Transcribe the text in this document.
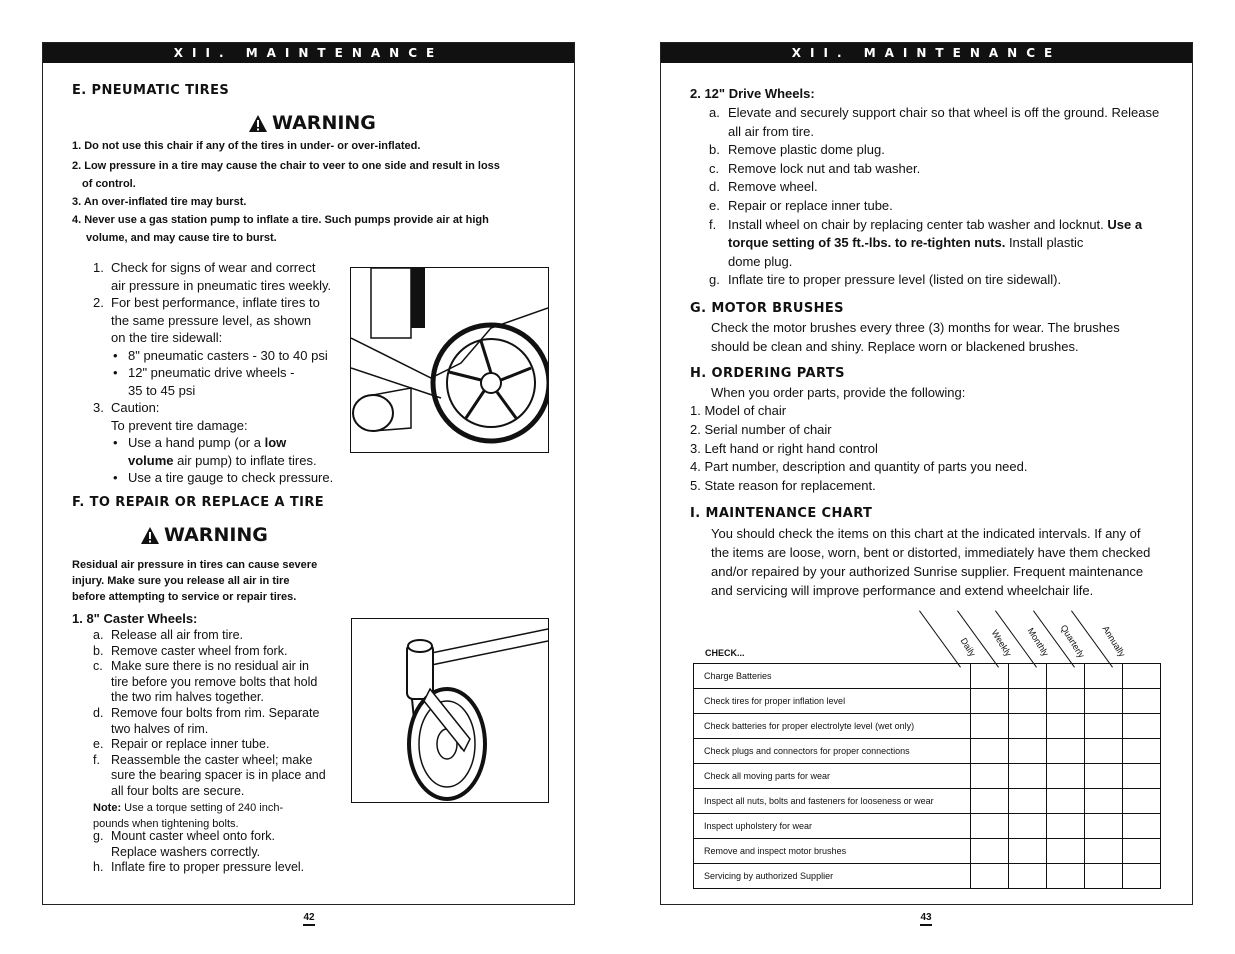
XII. MAINTENANCE
E. PNEUMATIC TIRES
WARNING
1. Do not use this chair if any of the tires in under- or over-inflated.
2. Low pressure in a tire may cause the chair to veer to one side and result in loss
of control.
3. An over-inflated tire may burst.
4. Never use a gas station pump to inflate a tire. Such pumps provide air at high
volume, and may cause tire to burst.
1. Check for signs of wear and correct
air pressure in pneumatic tires weekly.
2. For best performance, inflate tires to
the same pressure level, as shown
on the tire sidewall:
• 8" pneumatic casters - 30 to 40 psi
• 12" pneumatic drive wheels -
35 to 45 psi
3. Caution:
To prevent tire damage:
• Use a hand pump (or a low
volume air pump) to inflate tires.
• Use a tire gauge to check pressure.
F. TO REPAIR OR REPLACE A TIRE
WARNING
Residual air pressure in tires can cause severe
injury. Make sure you release all air in tire
before attempting to service or repair tires.
1. 8" Caster Wheels:
a. Release all air from tire.
b. Remove caster wheel from fork.
c. Make sure there is no residual air in
tire before you remove bolts that hold
the two rim halves together.
d. Remove four bolts from rim. Separate
two halves of rim.
e. Repair or replace inner tube.
f. Reassemble the caster wheel; make
sure the bearing spacer is in place and
all four bolts are secure.
Note: Use a torque setting of 240 inch-
pounds when tightening bolts.
g. Mount caster wheel onto fork.
Replace washers correctly.
h. Inflate fire to proper pressure level.
42
XII. MAINTENANCE
2. 12" Drive Wheels:
a. Elevate and securely support chair so that wheel is off the ground. Release
all air from tire.
b. Remove plastic dome plug.
c. Remove lock nut and tab washer.
d. Remove wheel.
e. Repair or replace inner tube.
f. Install wheel on chair by replacing center tab washer and locknut. Use a
torque setting of 35 ft.-lbs. to re-tighten nuts. Install plastic
dome plug.
g. Inflate tire to proper pressure level (listed on tire sidewall).
G. MOTOR BRUSHES
Check the motor brushes every three (3) months for wear. The brushes
should be clean and shiny. Replace worn or blackened brushes.
H. ORDERING PARTS
When you order parts, provide the following:
1. Model of chair
2. Serial number of chair
3. Left hand or right hand control
4. Part number, description and quantity of parts you need.
5. State reason for replacement.
I. MAINTENANCE CHART
You should check the items on this chart at the indicated intervals. If any of
the items are loose, worn, bent or distorted, immediately have them checked
and/or repaired by your authorized Sunrise supplier. Frequent maintenance
and servicing will improve performance and extend wheelchair life.
CHECK...	Daily Weekly Monthly Quarterly Annually
Charge Batteries					
Check tires for proper inflation level					
Check batteries for proper electrolyte level (wet only)					
Check plugs and connectors for proper connections					
Check all moving parts for wear					
Inspect all nuts, bolts and fasteners for looseness or wear					
Inspect upholstery for wear					
Remove and inspect motor brushes					
Servicing by authorized Supplier					
43
